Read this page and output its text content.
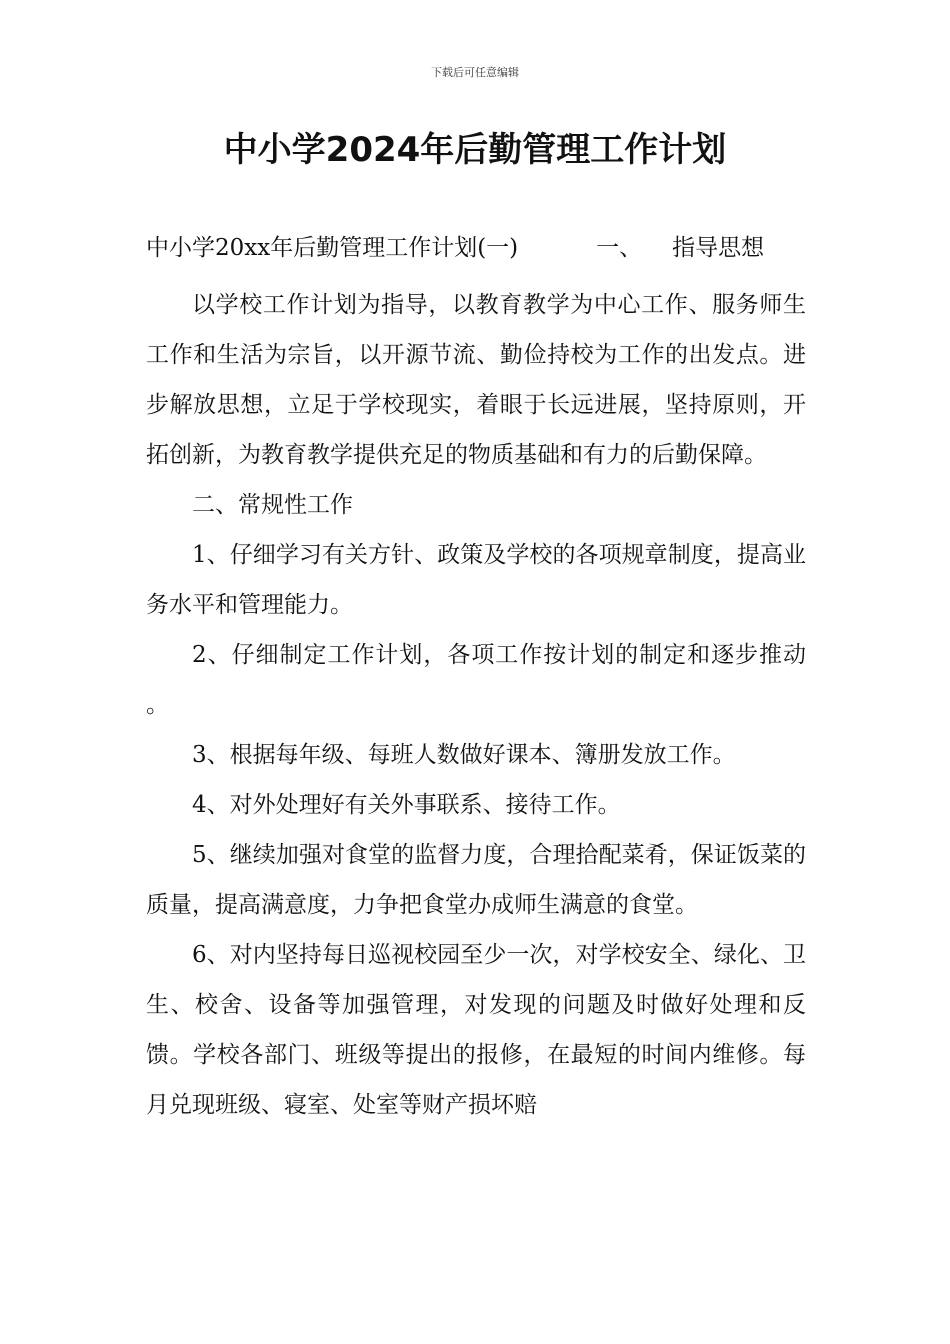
下载后可任意编辑
中小学2024年后勤管理工作计划
中小学20xx年后勤管理工作计划(一)	一、 指导思想

以学校工作计划为指导，以教育教学为中心工作、服务师生工作和生活为宗旨，以开源节流、勤俭持校为工作的出发点。进步解放思想，立足于学校现实，着眼于长远进展，坚持原则，开拓创新，为教育教学提供充足的物质基础和有力的后勤保障。

二、常规性工作

1、仔细学习有关方针、政策及学校的各项规章制度，提高业务水平和管理能力。

2、仔细制定工作计划，各项工作按计划的制定和逐步推动 。

3、根据每年级、每班人数做好课本、簿册发放工作。

4、对外处理好有关外事联系、接待工作。

5、继续加强对食堂的监督力度，合理拾配菜肴，保证饭菜的质量，提高满意度，力争把食堂办成师生满意的食堂。

6、对内坚持每日巡视校园至少一次，对学校安全、绿化、卫生、校舍、设备等加强管理，对发现的问题及时做好处理和反馈。学校各部门、班级等提出的报修，在最短的时间内维修。每月兑现班级、寝室、处室等财产损坏赔
